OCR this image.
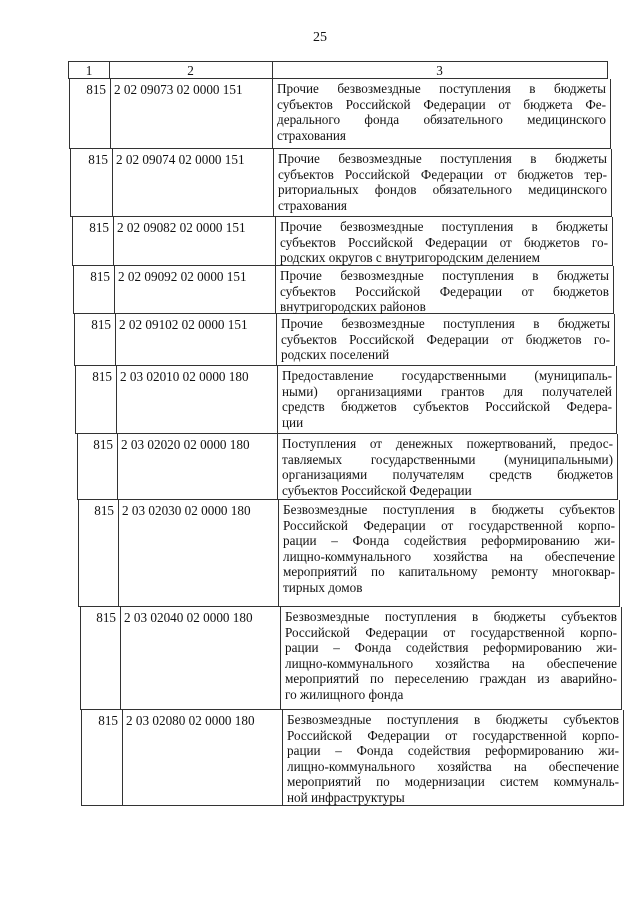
25
1	2	3
815 2 02 09073 02 0000 151	Прочие безвозмездные поступления в бюджеты
субъектов Российской Федерации от бюджета Фе-
дерального фонда обязательного медицинского
страхования
815 2 02 09074 02 0000 151	Прочие безвозмездные поступления в бюджеты
субъектов Российской Федерации от бюджетов тер-
риториальных фондов обязательного медицинского
страхования
815 2 02 09082 02 0000 151	Прочие безвозмездные поступления в бюджеты
субъектов Российской Федерации от бюджетов го-
родских округов с внутригородским делением
815 2 02 09092 02 0000 151	Прочие безвозмездные поступления в бюджеты
субъектов Российской Федерации от бюджетов
внутригородских районов
815 2 02 09102 02 0000 151	Прочие безвозмездные поступления в бюджеты
субъектов Российской Федерации от бюджетов го-
родских поселений
815 2 03 02010 02 0000 180	Предоставление государственными (муниципаль-
ными) организациями грантов для получателей
средств бюджетов субъектов Российской Федера-
ции
815 2 03 02020 02 0000 180	Поступления от денежных пожертвований, предос-
тавляемых государственными (муниципальными)
организациями получателям средств бюджетов
субъектов Российской Федерации
815 2 03 02030 02 0000 180	Безвозмездные поступления в бюджеты субъектов
Российской Федерации от государственной корпо-
рации – Фонда содействия реформированию жи-
лищно-коммунального хозяйства на обеспечение
мероприятий по капитальному ремонту многоквар-
тирных домов
815 2 03 02040 02 0000 180	Безвозмездные поступления в бюджеты субъектов
Российской Федерации от государственной корпо-
рации – Фонда содействия реформированию жи-
лищно-коммунального хозяйства на обеспечение
мероприятий по переселению граждан из аварийно-
го жилищного фонда
815 2 03 02080 02 0000 180	Безвозмездные поступления в бюджеты субъектов
Российской Федерации от государственной корпо-
рации – Фонда содействия реформированию жи-
лищно-коммунального хозяйства на обеспечение
мероприятий по модернизации систем коммуналь-
ной инфраструктуры
